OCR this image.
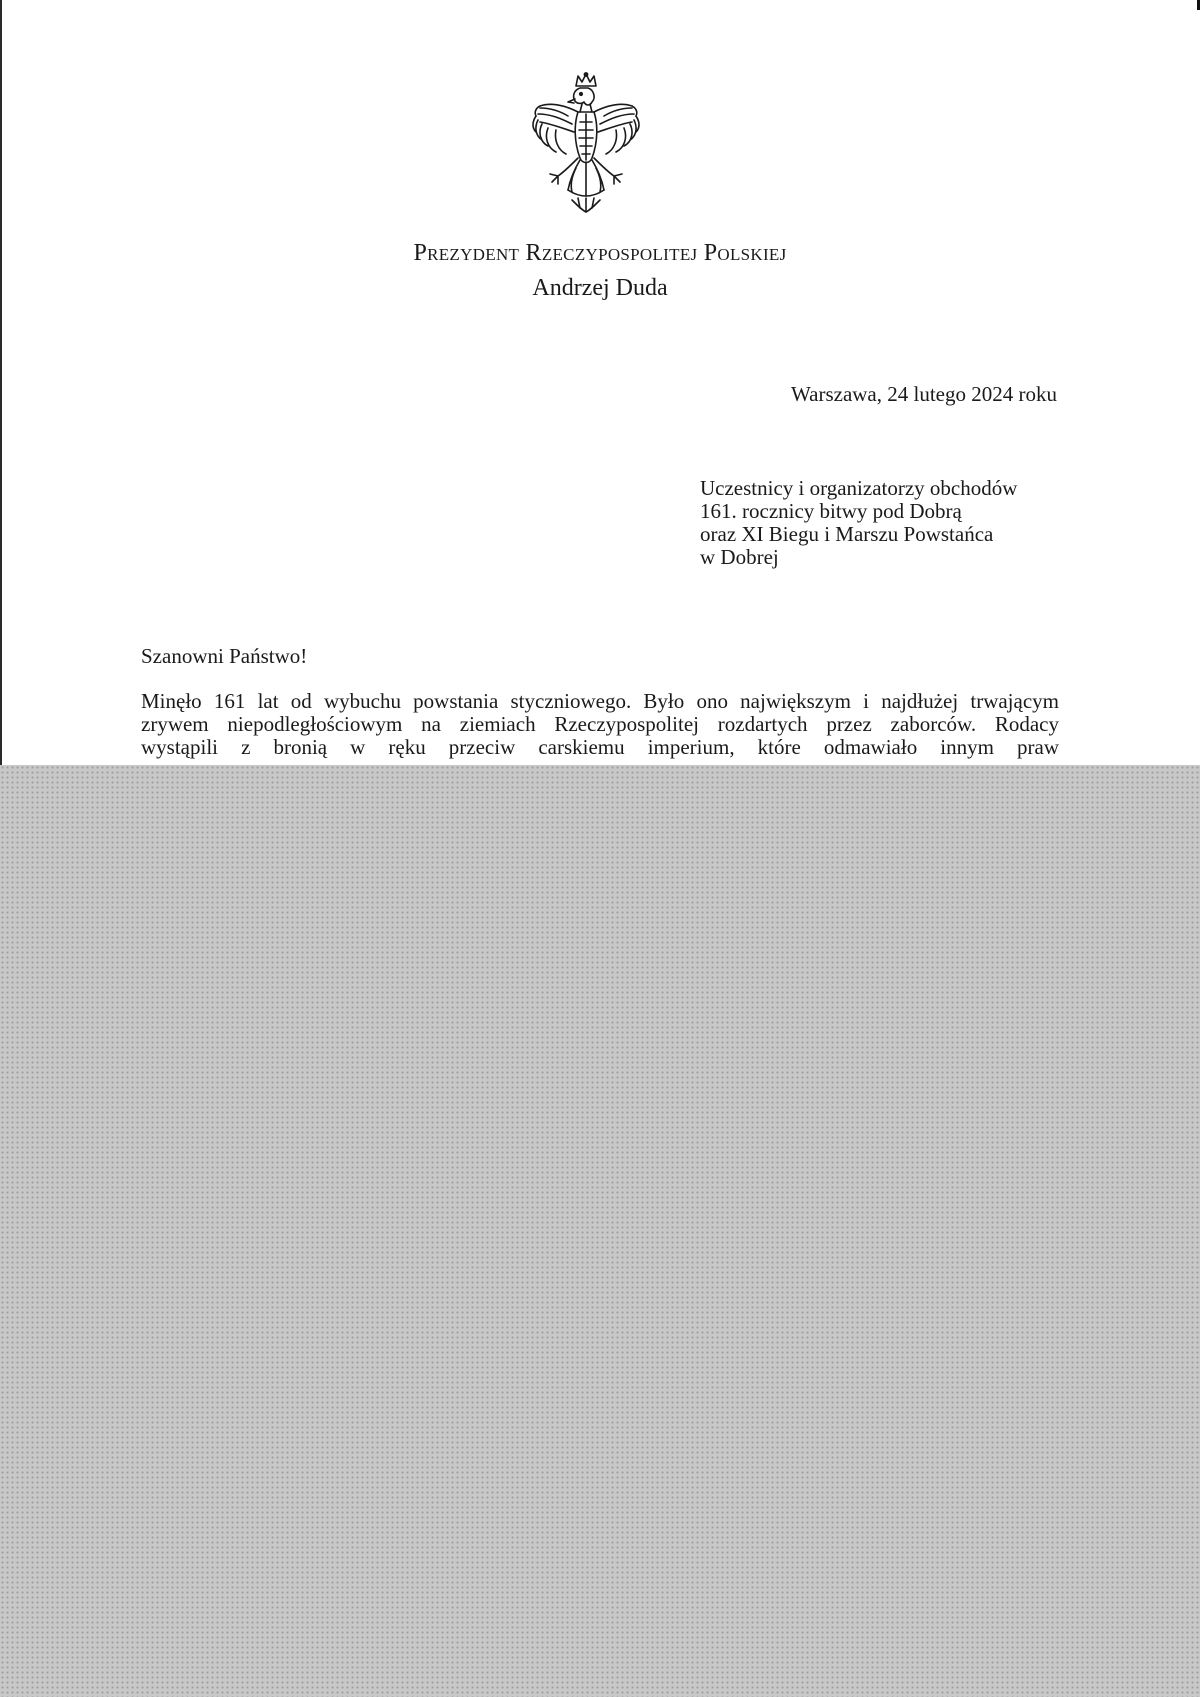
Prezydent Rzeczypospolitej Polskiej
Andrzej Duda
Warszawa, 24 lutego 2024 roku
Uczestnicy i organizatorzy obchodów
161. rocznicy bitwy pod Dobrą
oraz XI Biegu i Marszu Powstańca
w Dobrej
Szanowni Państwo!
Minęło 161 lat od wybuchu powstania styczniowego. Było ono największym i najdłużej trwającym
zrywem niepodległościowym na ziemiach Rzeczypospolitej rozdartych przez zaborców. Rodacy
wystąpili z bronią w ręku przeciw carskiemu imperium, które odmawiało innym praw
